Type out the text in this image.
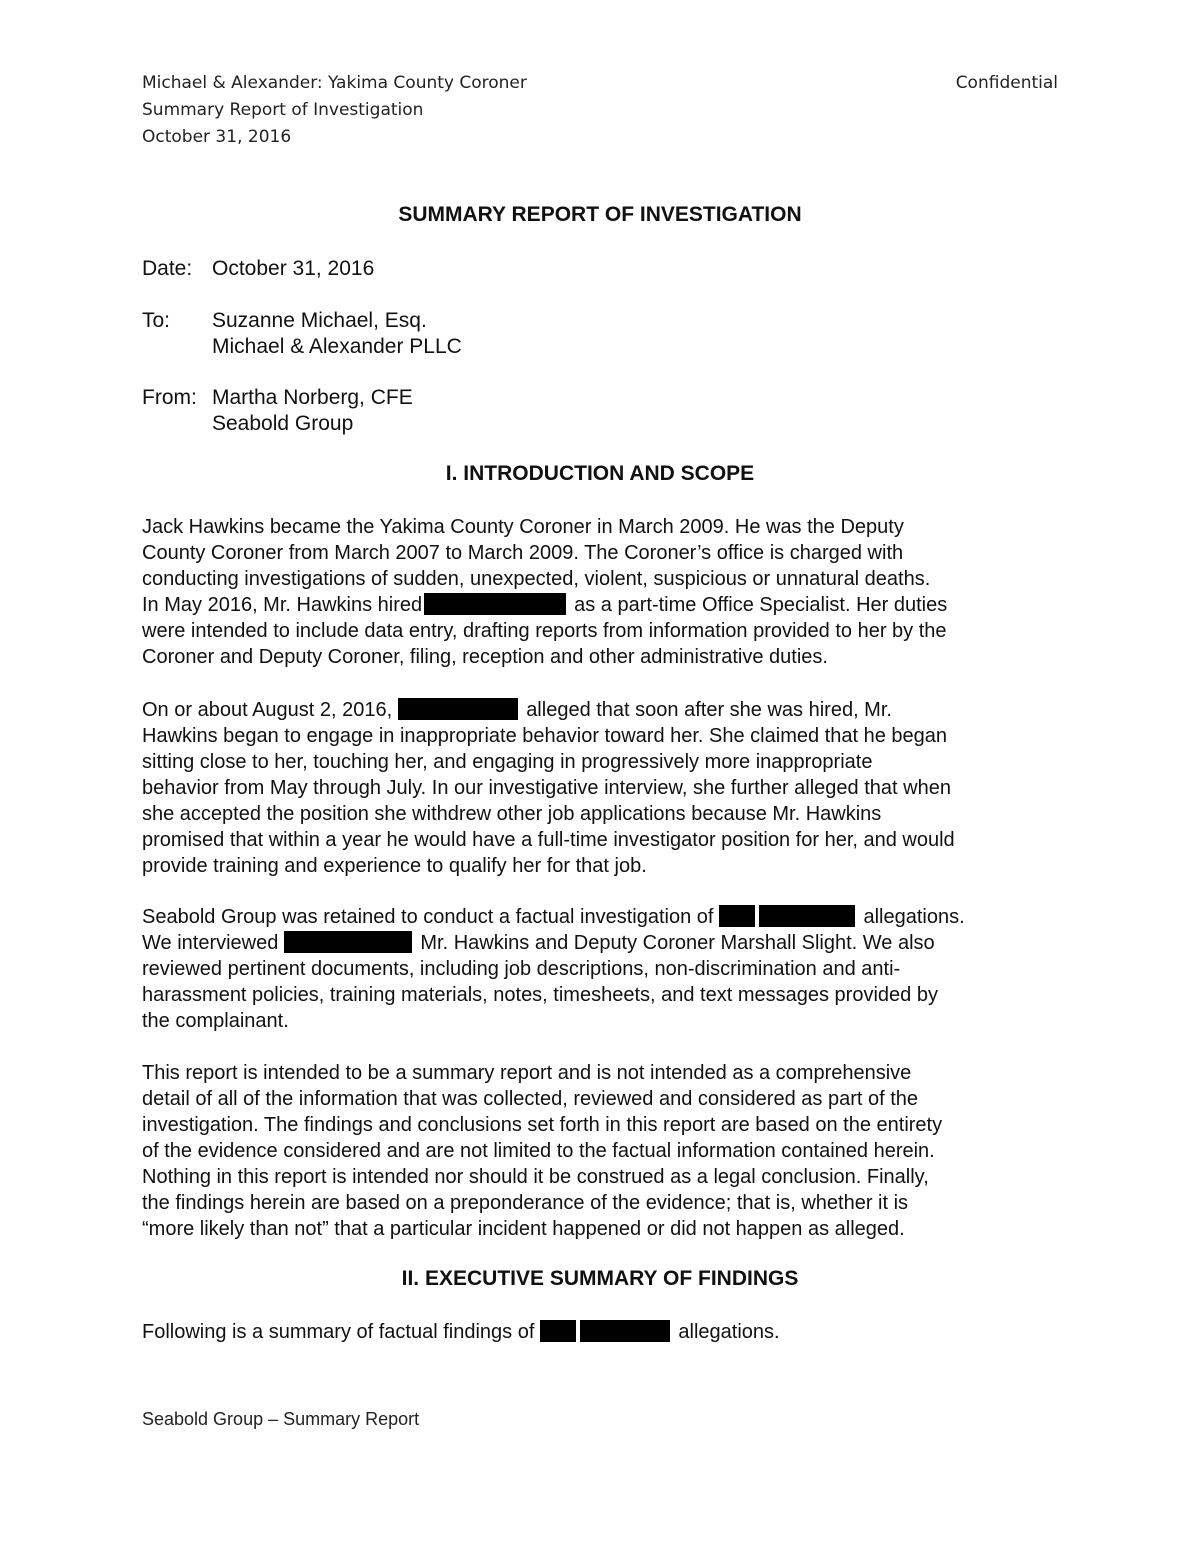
Michael & Alexander: Yakima County Coroner
Summary Report of Investigation
October 31, 2016
Confidential
SUMMARY REPORT OF INVESTIGATION
Date: October 31, 2016
To: Suzanne Michael, Esq.
Michael & Alexander PLLC
From: Martha Norberg, CFE
Seabold Group
I. INTRODUCTION AND SCOPE
Jack Hawkins became the Yakima County Coroner in March 2009. He was the Deputy
County Coroner from March 2007 to March 2009. The Coroner’s office is charged with
conducting investigations of sudden, unexpected, violent, suspicious or unnatural deaths.
In May 2016, Mr. Hawkins hired	as a part-time Office Specialist. Her duties
were intended to include data entry, drafting reports from information provided to her by the
Coroner and Deputy Coroner, filing, reception and other administrative duties.
On or about August 2, 2016,	alleged that soon after she was hired, Mr.
Hawkins began to engage in inappropriate behavior toward her. She claimed that he began
sitting close to her, touching her, and engaging in progressively more inappropriate
behavior from May through July. In our investigative interview, she further alleged that when
she accepted the position she withdrew other job applications because Mr. Hawkins
promised that within a year he would have a full-time investigator position for her, and would
provide training and experience to qualify her for that job.
Seabold Group was retained to conduct a factual investigation of	allegations.
We interviewed	Mr. Hawkins and Deputy Coroner Marshall Slight. We also
reviewed pertinent documents, including job descriptions, non-discrimination and anti-
harassment policies, training materials, notes, timesheets, and text messages provided by
the complainant.
This report is intended to be a summary report and is not intended as a comprehensive
detail of all of the information that was collected, reviewed and considered as part of the
investigation. The findings and conclusions set forth in this report are based on the entirety
of the evidence considered and are not limited to the factual information contained herein.
Nothing in this report is intended nor should it be construed as a legal conclusion. Finally,
the findings herein are based on a preponderance of the evidence; that is, whether it is
“more likely than not” that a particular incident happened or did not happen as alleged.
II. EXECUTIVE SUMMARY OF FINDINGS
Following is a summary of factual findings of	allegations.
Seabold Group – Summary Report
